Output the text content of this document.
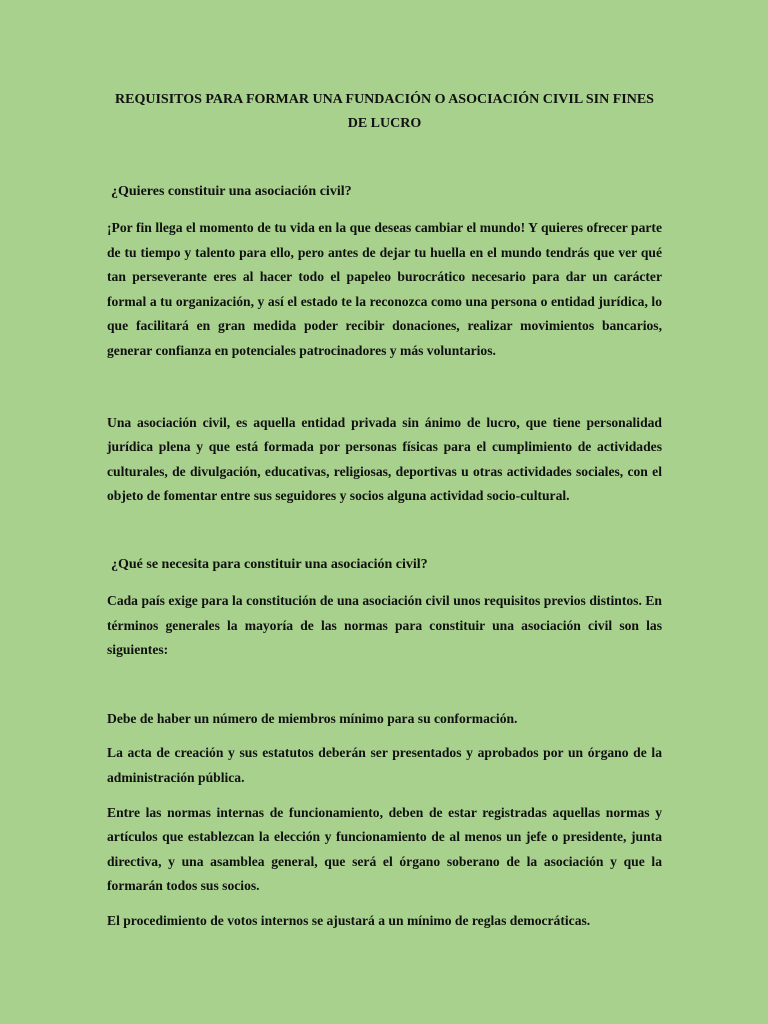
REQUISITOS PARA FORMAR UNA FUNDACIÓN O ASOCIACIÓN CIVIL SIN FINES DE LUCRO
¿Quieres constituir una asociación civil?

¡Por fin llega el momento de tu vida en la que deseas cambiar el mundo! Y quieres ofrecer parte de tu tiempo y talento para ello, pero antes de dejar tu huella en el mundo tendrás que ver qué tan perseverante eres al hacer todo el papeleo burocrático necesario para dar un carácter formal a tu organización, y así el estado te la reconozca como una persona o entidad jurídica, lo que facilitará en gran medida poder recibir donaciones, realizar movimientos bancarios, generar confianza en potenciales patrocinadores y más voluntarios.

Una asociación civil, es aquella entidad privada sin ánimo de lucro, que tiene personalidad jurídica plena y que está formada por personas físicas para el cumplimiento de actividades culturales, de divulgación, educativas, religiosas, deportivas u otras actividades sociales, con el objeto de fomentar entre sus seguidores y socios alguna actividad socio-cultural.

¿Qué se necesita para constituir una asociación civil?

Cada país exige para la constitución de una asociación civil unos requisitos previos distintos. En términos generales la mayoría de las normas para constituir una asociación civil son las siguientes:

Debe de haber un número de miembros mínimo para su conformación.

La acta de creación y sus estatutos deberán ser presentados y aprobados por un órgano de la administración pública.

Entre las normas internas de funcionamiento, deben de estar registradas aquellas normas y artículos que establezcan la elección y funcionamiento de al menos un jefe o presidente, junta directiva, y una asamblea general, que será el órgano soberano de la asociación y que la formarán todos sus socios.

El procedimiento de votos internos se ajustará a un mínimo de reglas democráticas.
